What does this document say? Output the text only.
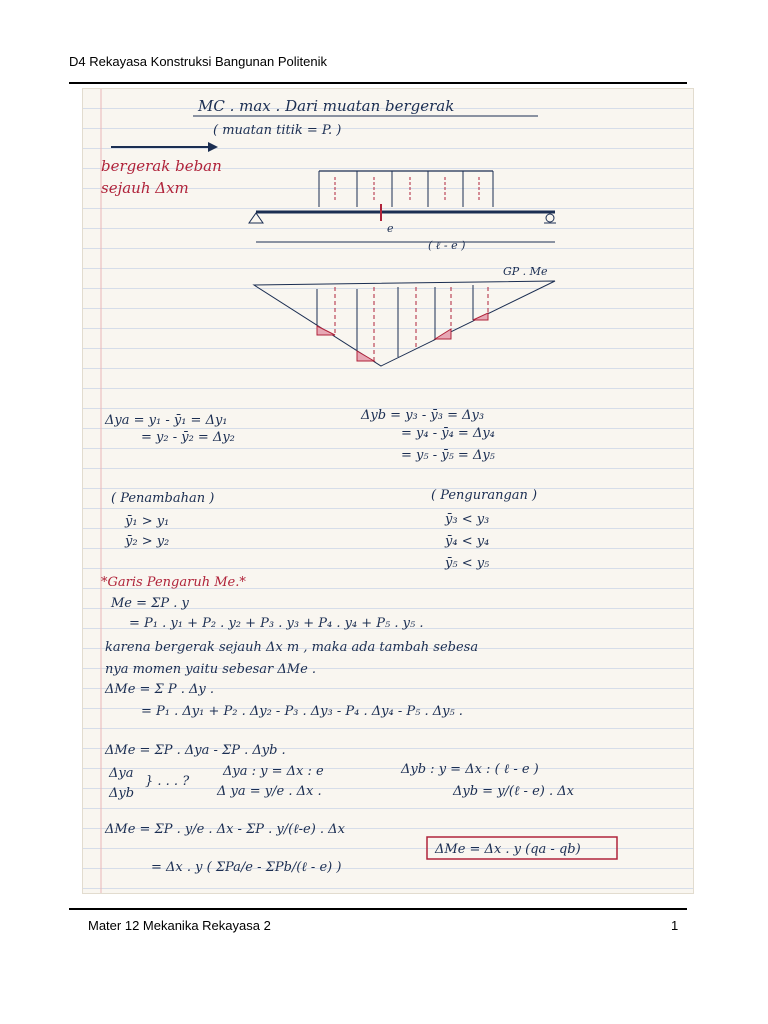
D4 Rekayasa Konstruksi Bangunan Politenik
MC . max . Dari muatan bergerak
( muatan titik = P. )
bergerak beban
sejauh Δxm
e
( ℓ - e )
GP . Me
Δya = y₁ - ȳ₁ = Δy₁
= y₂ - ȳ₂ = Δy₂
Δyb = y₃ - ȳ₃ = Δy₃
= y₄ - ȳ₄ = Δy₄
= y₅ - ȳ₅ = Δy₅
( Penambahan )
ȳ₁ > y₁
ȳ₂ > y₂
( Pengurangan )
ȳ₃ < y₃
ȳ₄ < y₄
ȳ₅ < y₅
*Garis Pengaruh Me.*
Me = ΣP . y
= P₁ . y₁ + P₂ . y₂ + P₃ . y₃ + P₄ . y₄ + P₅ . y₅ .
karena bergerak sejauh Δx m , maka ada tambah sebesa
nya momen yaitu sebesar ΔMe .
ΔMe = Σ P . Δy .
= P₁ . Δy₁ + P₂ . Δy₂ - P₃ . Δy₃ - P₄ . Δy₄ - P₅ . Δy₅ .
ΔMe = ΣP . Δya - ΣP . Δyb .
Δya
Δyb
} . . . ?
Δya : y = Δx : e
Δ ya = y/e . Δx .
Δyb : y = Δx : ( ℓ - e )
Δyb = y/(ℓ - e) . Δx
ΔMe = ΣP . y/e . Δx - ΣP . y/(ℓ-e) . Δx
= Δx . y ( ΣPa/e - ΣPb/(ℓ - e) )
ΔMe = Δx . y (qa - qb)
Mater 12 Mekanika Rekayasa 2	1
